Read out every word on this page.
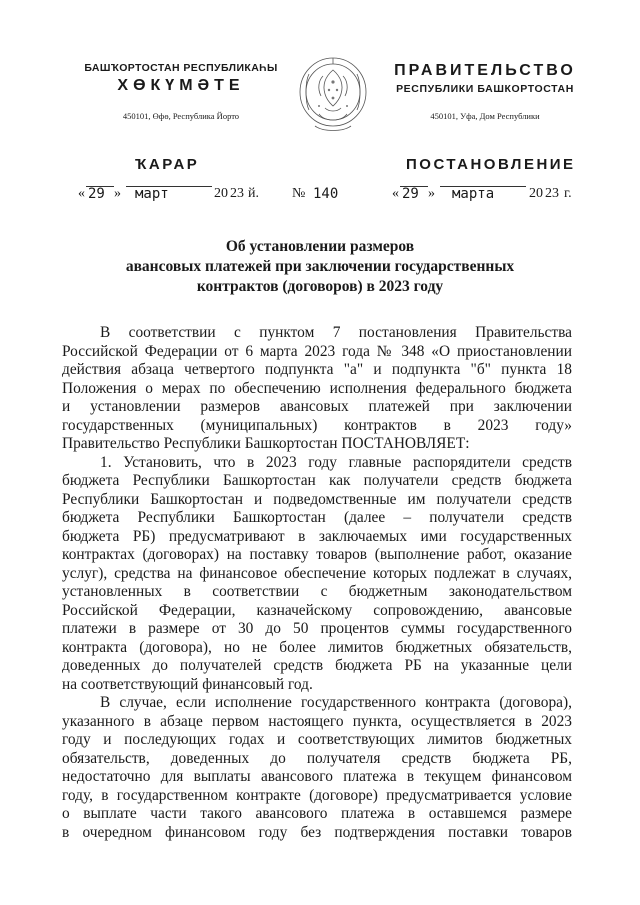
БАШҠОРТОСТАН РЕСПУБЛИКАҺЫ
ХӨКҮМӘТЕ
450101, Өфө, Республика Йорто
ПРАВИТЕЛЬСТВО
РЕСПУБЛИКИ БАШКОРТОСТАН
450101, Уфа, Дом Республики
ҠАРАР	ПОСТАНОВЛЕНИЕ
« 29 » март	20 23 й. № 140	« 29 » марта 20 23 г.
Об установлении размеров
авансовых платежей при заключении государственных
контрактов (договоров) в 2023 году
В соответствии с пунктом 7 постановления Правительства
Российской Федерации от 6 марта 2023 года № 348 «О приостановлении
действия абзаца четвертого подпункта "а" и подпункта "б" пункта 18
Положения о мерах по обеспечению исполнения федерального бюджета
и установлении размеров авансовых платежей при заключении
государственных (муниципальных) контрактов в 2023 году»
Правительство Республики Башкортостан ПОСТАНОВЛЯЕТ:
1. Установить, что в 2023 году главные распорядители средств
бюджета Республики Башкортостан как получатели средств бюджета
Республики Башкортостан и подведомственные им получатели средств
бюджета Республики Башкортостан (далее – получатели средств
бюджета РБ) предусматривают в заключаемых ими государственных
контрактах (договорах) на поставку товаров (выполнение работ, оказание
услуг), средства на финансовое обеспечение которых подлежат в случаях,
установленных в соответствии с бюджетным законодательством
Российской Федерации, казначейскому сопровождению, авансовые
платежи в размере от 30 до 50 процентов суммы государственного
контракта (договора), но не более лимитов бюджетных обязательств,
доведенных до получателей средств бюджета РБ на указанные цели
на соответствующий финансовый год.
В случае, если исполнение государственного контракта (договора),
указанного в абзаце первом настоящего пункта, осуществляется в 2023
году и последующих годах и соответствующих лимитов бюджетных
обязательств, доведенных до получателя средств бюджета РБ,
недостаточно для выплаты авансового платежа в текущем финансовом
году, в государственном контракте (договоре) предусматривается условие
о выплате части такого авансового платежа в оставшемся размере
в очередном финансовом году без подтверждения поставки товаров
